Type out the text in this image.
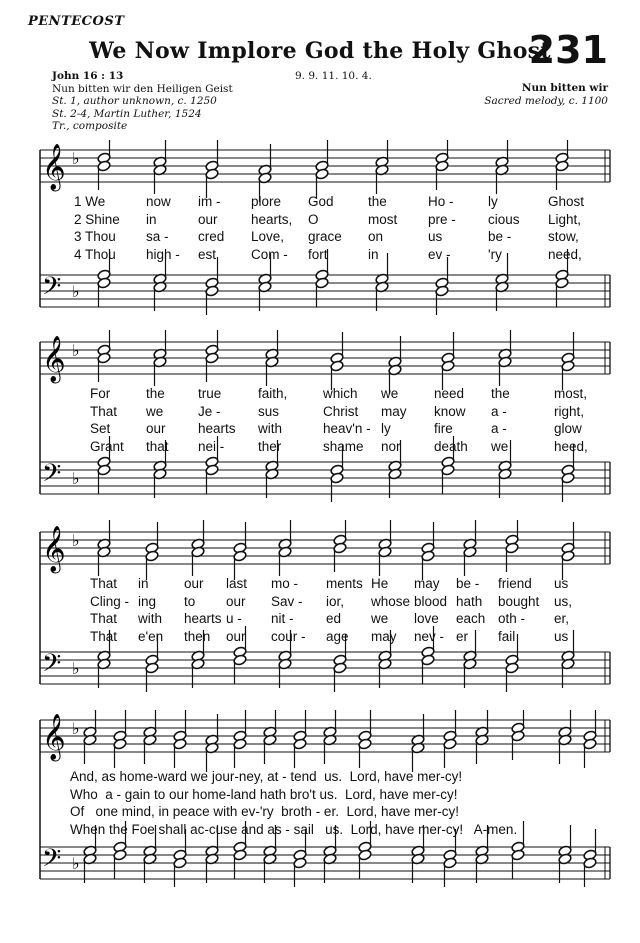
PENTECOST
We Now Implore God the Holy Ghost
231
John 16 : 13
Nun bitten wir den Heiligen Geist
St. 1, author unknown, c. 1250
St. 2-4, Martin Luther, 1524
Tr., composite
9. 9. 11. 10. 4.
Nun bitten wir
Sacred melody, c. 1100
𝄞 ♭
𝄢 ♭
1 We	now im - plore God	the	Ho -	ly	Ghost
2 Shine in	our hearts, O	most pre - cious Light,
3 Thou sa - cred Love, grace on	us	be -	stow,
4 Thou high - est	Com - fort	in	ev -	'ry	need,
𝄞 ♭
𝄢 ♭
For	the true	faith,	which we	need the	most,
That we	Je -	sus	Christ may know a -	right,
Set	our hearts with	heav'n - ly	fire	a -	glow
Grant that nei - ther	shame nor death we	heed,
𝄞 ♭
𝄢 ♭
That in	our last mo - ments He may be - friend us
Cling - ing to our Sav - ior, whose blood hath bought us,
That with hearts u - nit - ed we love each oth - er,
That e'en then our cour - age may nev - er fail	us
𝄞 ♭
𝄢 ♭

And, as home-ward we jour-ney, at - tend  us.  Lord, have mer-cy!

Who  a - gain to our home-land hath bro't us.  Lord, have mer-cy!

Of   one mind, in peace with ev-'ry  broth - er.  Lord, have mer-cy!

When the Foe shall ac-cuse and as - sail   us.  Lord, have mer-cy!   A-men.
